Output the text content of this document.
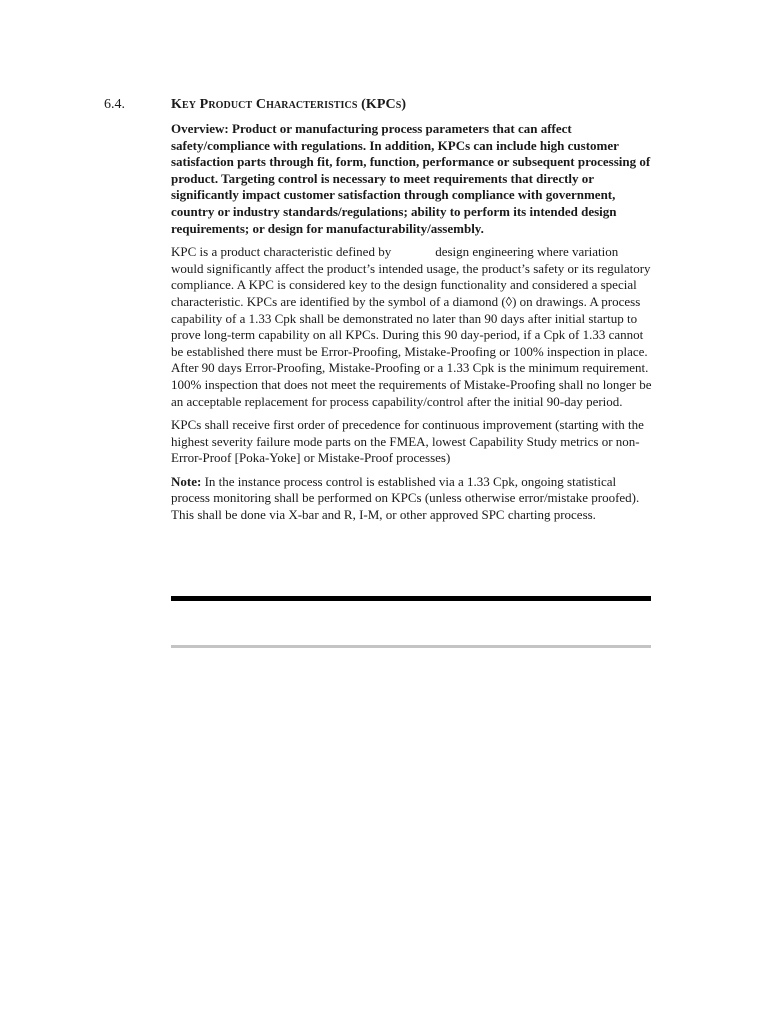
6.4.	Key Product Characteristics (KPCs)

Overview: Product or manufacturing process parameters that can affect safety/compliance with regulations. In addition, KPCs can include high customer satisfaction parts through fit, form, function, performance or subsequent processing of product. Targeting control is necessary to meet requirements that directly or significantly impact customer satisfaction through compliance with government, country or industry standards/regulations; ability to perform its intended design requirements; or design for manufacturability/assembly.

KPC is a product characteristic defined by	design engineering where variation would significantly affect the product’s intended usage, the product’s safety or its regulatory compliance. A KPC is considered key to the design functionality and considered a special characteristic. KPCs are identified by the symbol of a diamond (◊) on drawings. A process capability of a 1.33 Cpk shall be demonstrated no later than 90 days after initial startup to prove long-term capability on all KPCs. During this 90 day-period, if a Cpk of 1.33 cannot be established there must be Error-Proofing, Mistake-Proofing or 100% inspection in place. After 90 days Error-Proofing, Mistake-Proofing or a 1.33 Cpk is the minimum requirement. 100% inspection that does not meet the requirements of Mistake-Proofing shall no longer be an acceptable replacement for process capability/control after the initial 90-day period.

KPCs shall receive first order of precedence for continuous improvement (starting with the highest severity failure mode parts on the FMEA, lowest Capability Study metrics or non-Error-Proof [Poka-Yoke] or Mistake-Proof processes)

Note: In the instance process control is established via a 1.33 Cpk, ongoing statistical process monitoring shall be performed on KPCs (unless otherwise error/mistake proofed). This shall be done via X-bar and R, I-M, or other approved SPC charting process.
